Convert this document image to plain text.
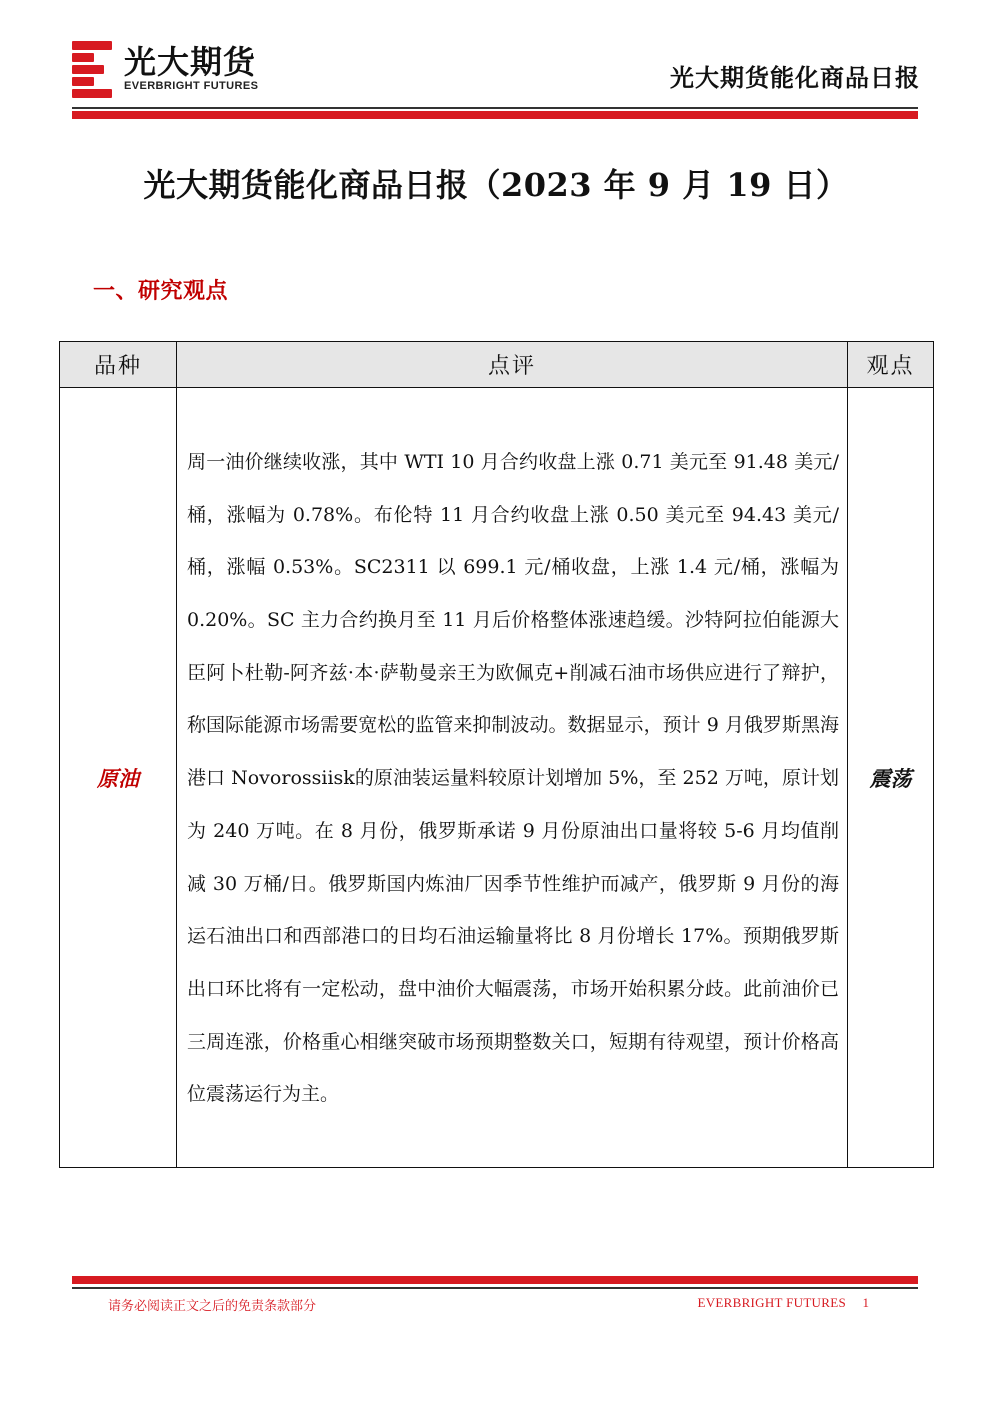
光大期货
EVERBRIGHT FUTURES	光大期货能化商品日报
光大期货能化商品日报（2023 年 9 月 19 日）
一、研究观点
品种	点评	观点
原油	周一油价继续收涨，其中 WTI 10 月合约收盘上涨 0.71 美元至 91.48 美元/桶，涨幅为 0.78%。布伦特 11 月合约收盘上涨 0.50 美元至 94.43 美元/桶，涨幅 0.53%。SC2311 以 699.1 元/桶收盘，上涨 1.4 元/桶，涨幅为 0.20%。SC 主力合约换月至 11 月后价格整体涨速趋缓。沙特阿拉伯能源大臣阿卜杜勒-阿齐兹·本·萨勒曼亲王为欧佩克+削减石油市场供应进行了辩护，称国际能源市场需要宽松的监管来抑制波动。数据显示，预计 9 月俄罗斯黑海港口 Novorossiisk的原油装运量料较原计划增加 5%，至 252 万吨，原计划为 240 万吨。在 8 月份，俄罗斯承诺 9 月份原油出口量将较 5-6 月均值削减 30 万桶/日。俄罗斯国内炼油厂因季节性维护而减产，俄罗斯 9 月份的海运石油出口和西部港口的日均石油运输量将比 8 月份增长 17%。预期俄罗斯出口环比将有一定松动，盘中油价大幅震荡，市场开始积累分歧。此前油价已三周连涨，价格重心相继突破市场预期整数关口，短期有待观望，预计价格高位震荡运行为主。	震荡
请务必阅读正文之后的免责条款部分	EVERBRIGHT FUTURES 1
